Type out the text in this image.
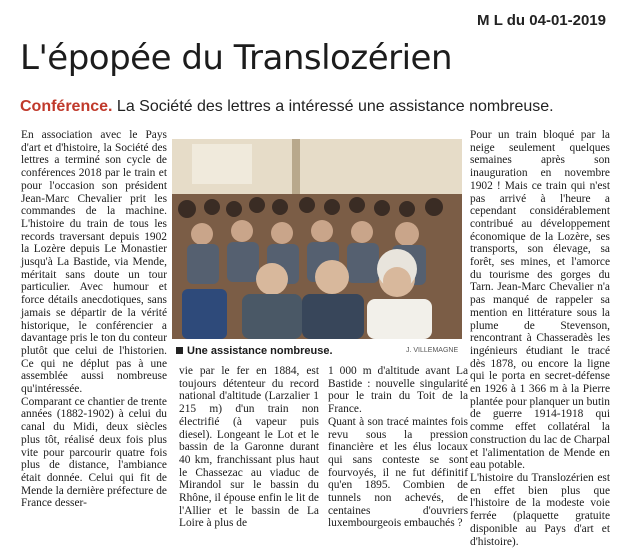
M L du 04-01-2019
L'épopée du Translozérien
Conférence. La Société des lettres a intéressé une assistance nombreuse.

En association avec le Pays d'art et d'histoire, la Société des lettres a terminé son cycle de conférences 2018 par le train et pour l'occasion son président Jean-Marc Chevalier prit les commandes de la machine. L'histoire du train de tous les records traversant depuis 1902 la Lozère depuis Le Monastier jusqu'à La Bastide, via Mende, méritait sans doute un tour particulier. Avec humour et force détails anecdotiques, sans jamais se départir de la vérité historique, le conférencier a davantage pris le ton du conteur plutôt que celui de l'historien. Ce qui ne déplut pas à une assemblée aussi nombreuse qu'intéressée.

Comparant ce chantier de trente années (1882-1902) à celui du canal du Midi, deux siècles plus tôt, réalisé deux fois plus vite pour parcourir quatre fois plus de distance, l'ambiance était donnée. Celui qui fit de Mende la dernière préfecture de France desser-

Une assistance nombreuse.	J. VILLEMAGNE

vie par le fer en 1884, est toujours détenteur du record national d'altitude (Larzalier 1 215 m) d'un train non électrifié (à vapeur puis diesel). Longeant le Lot et le bassin de la Garonne durant 40 km, franchissant plus haut le Chassezac au viaduc de Mirandol sur le bassin du Rhône, il épouse enfin le lit de l'Allier et le bassin de La Loire à plus de

1 000 m d'altitude avant La Bastide : nouvelle singularité pour le train du Toit de la France.

Quant à son tracé maintes fois revu sous la pression financière et les élus locaux qui sans conteste se sont fourvoyés, il ne fut définitif qu'en 1895. Combien de tunnels non achevés, de centaines d'ouvriers luxembourgeois embauchés ?

Pour un train bloqué par la neige seulement quelques semaines après son inauguration en novembre 1902 ! Mais ce train qui n'est pas arrivé à l'heure a cependant considérablement contribué au développement économique de la Lozère, ses transports, son élevage, sa forêt, ses mines, et l'amorce du tourisme des gorges du Tarn. Jean-Marc Chevalier n'a pas manqué de rappeler sa mention en littérature sous la plume de Stevenson, rencontrant à Chasseradès les ingénieurs étudiant le tracé dès 1878, ou encore la ligne qui le porta en secret-défense en 1926 à 1 366 m à la Pierre plantée pour planquer un butin de guerre 1914-1918 qui comme effet collatéral la construction du lac de Charpal et l'alimentation de Mende en eau potable.

L'histoire du Translozérien est en effet bien plus que l'histoire de la modeste voie ferrée (plaquette gratuite disponible au Pays d'art et d'histoire).
